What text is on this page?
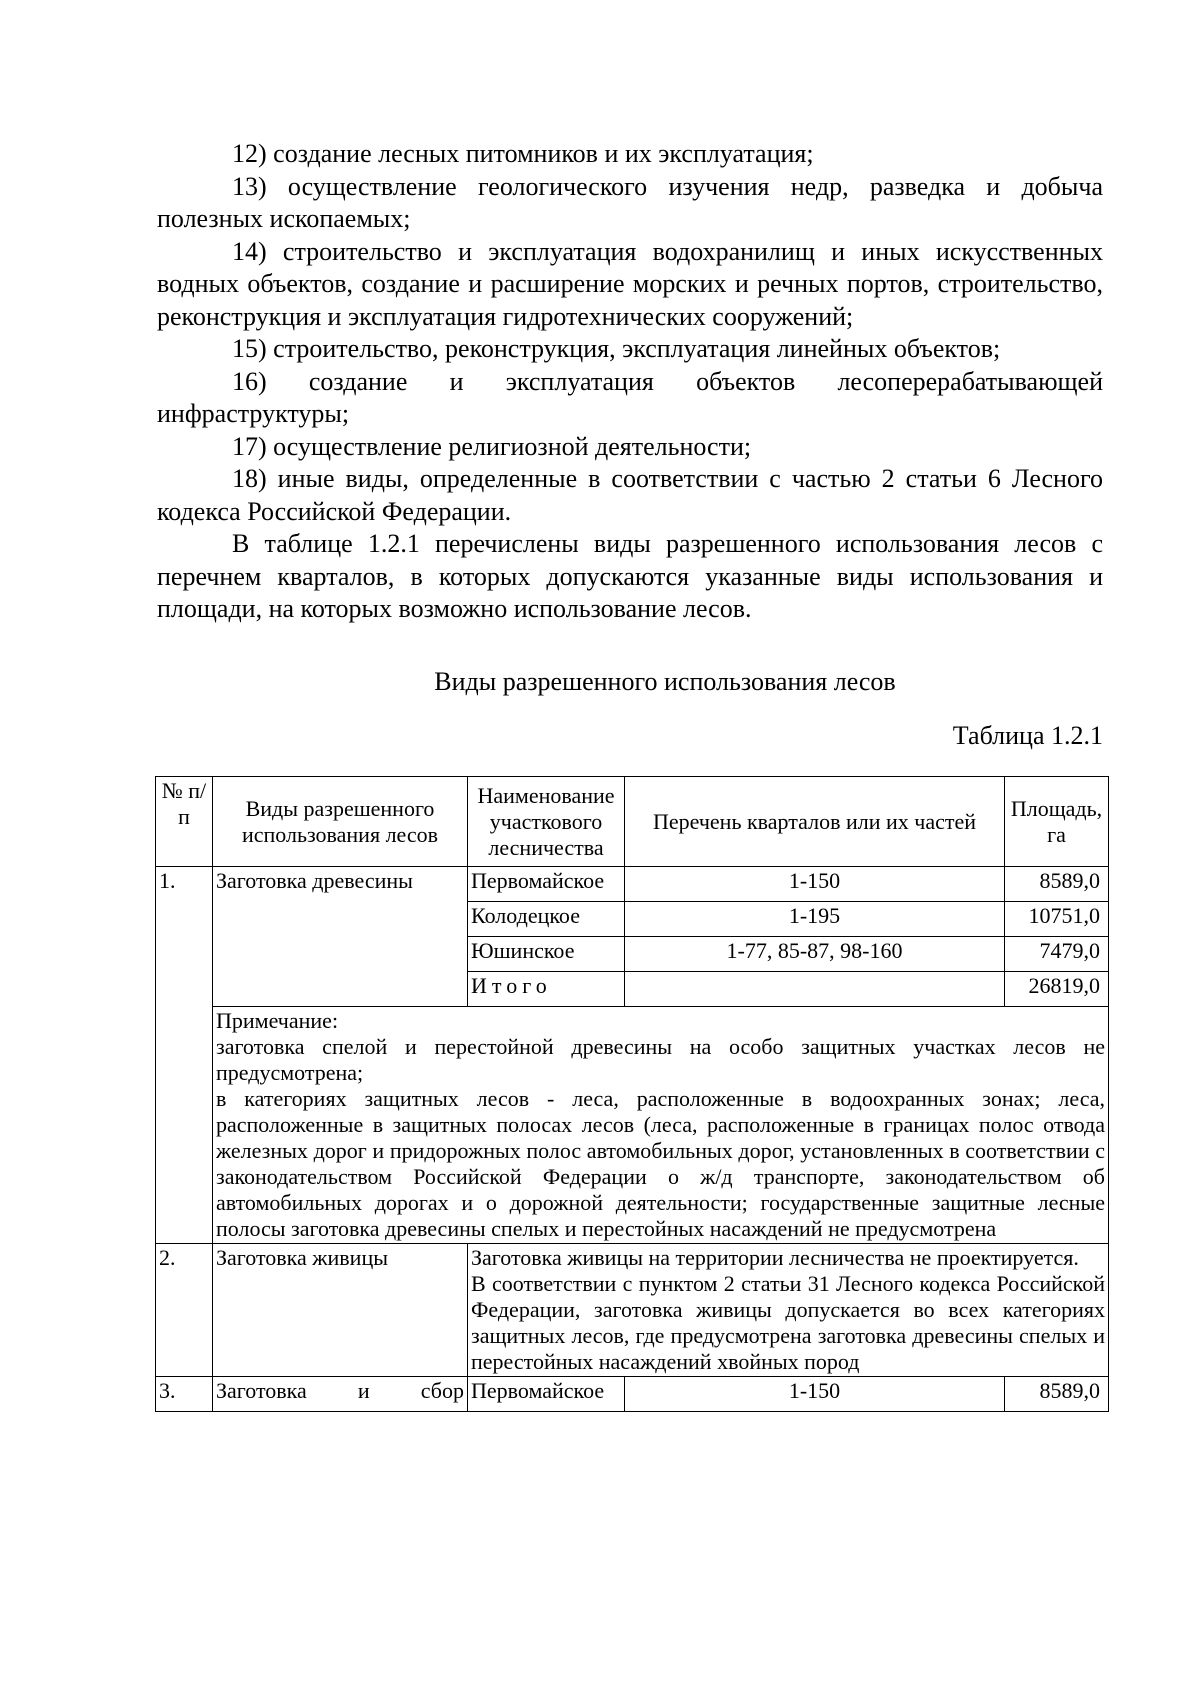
12) создание лесных питомников и их эксплуатация;

13) осуществление геологического изучения недр, разведка и добыча полезных ископаемых;

14) строительство и эксплуатация водохранилищ и иных искусственных водных объектов, создание и расширение морских и речных портов, строительство, реконструкция и эксплуатация гидротехнических сооружений;

15) строительство, реконструкция, эксплуатация линейных объектов;

16) создание и эксплуатация объектов лесоперерабатывающей инфраструктуры;

17) осуществление религиозной деятельности;

18) иные виды, определенные в соответствии с частью 2 статьи 6 Лесного кодекса Российской Федерации.

В таблице 1.2.1 перечислены виды разрешенного использования лесов с перечнем кварталов, в которых допускаются указанные виды использования и площади, на которых возможно использование лесов.

Виды разрешенного использования лесов
Таблица 1.2.1
№ п/п	Виды разрешенного использования лесов	Наименование участкового лесничества	Перечень кварталов или их частей	Площадь, га
1.	Заготовка древесины	Первомайское	1-150	8589,0
		Колодецкое	1-195	10751,0
		Юшинское	1-77, 85-87, 98-160	7479,0
		Итого		26819,0

	Примечание:
заготовка спелой и перестойной древесины на особо защитных участках лесов не предусмотрена;
в категориях защитных лесов - леса, расположенные в водоохранных зонах; леса, расположенные в защитных полосах лесов (леса, расположенные в границах полос отвода железных дорог и придорожных полос автомобильных дорог, установленных в соответствии с законодательством Российской Федерации о ж/д транспорте, законодательством об автомобильных дорогах и о дорожной деятельности; государственные защитные лесные полосы заготовка древесины спелых и перестойных насаждений не предусмотрена			

2.	Заготовка живицы	Заготовка живицы на территории лесничества не проектируется.
В соответствии с пунктом 2 статьи 31 Лесного кодекса Российской Федерации, заготовка живицы допускается во всех категориях защитных лесов, где предусмотрена заготовка древесины спелых и перестойных насаждений хвойных пород		

3.	Заготовка и сбор	Первомайское	1-150	8589,0
